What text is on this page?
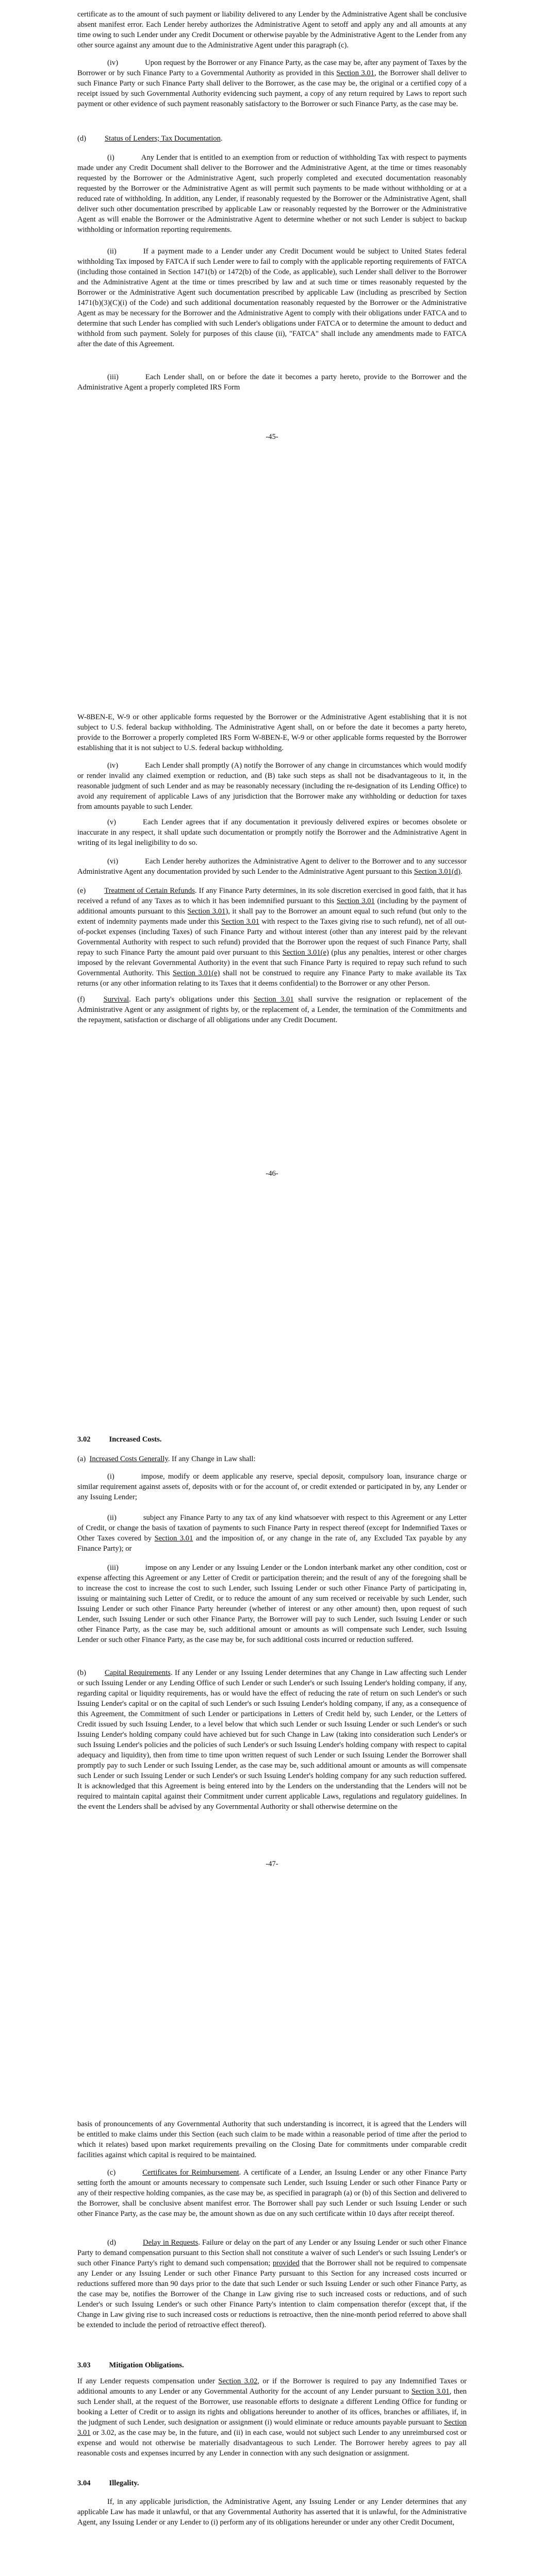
certificate as to the amount of such payment or liability delivered to any Lender by the Administrative Agent shall be conclusive absent manifest error. Each Lender hereby authorizes the Administrative Agent to setoff and apply any and all amounts at any time owing to such Lender under any Credit Document or otherwise payable by the Administrative Agent to the Lender from any other source against any amount due to the Administrative Agent under this paragraph (c).

(iv)	Upon request by the Borrower or any Finance Party, as the case may be, after any payment of Taxes by the Borrower or by such Finance Party to a Governmental Authority as provided in this Section 3.01, the Borrower shall deliver to such Finance Party or such Finance Party shall deliver to the Borrower, as the case may be, the original or a certified copy of a receipt issued by such Governmental Authority evidencing such payment, a copy of any return required by Laws to report such payment or other evidence of such payment reasonably satisfactory to the Borrower or such Finance Party, as the case may be.

(d) Status of Lenders; Tax Documentation.

(i)	Any Lender that is entitled to an exemption from or reduction of withholding Tax with respect to payments made under any Credit Document shall deliver to the Borrower and the Administrative Agent, at the time or times reasonably requested by the Borrower or the Administrative Agent, such properly completed and executed documentation reasonably requested by the Borrower or the Administrative Agent as will permit such payments to be made without withholding or at a reduced rate of withholding. In addition, any Lender, if reasonably requested by the Borrower or the Administrative Agent, shall deliver such other documentation prescribed by applicable Law or reasonably requested by the Borrower or the Administrative Agent as will enable the Borrower or the Administrative Agent to determine whether or not such Lender is subject to backup withholding or information reporting requirements.

(ii)	If a payment made to a Lender under any Credit Document would be subject to United States federal withholding Tax imposed by FATCA if such Lender were to fail to comply with the applicable reporting requirements of FATCA (including those contained in Section 1471(b) or 1472(b) of the Code, as applicable), such Lender shall deliver to the Borrower and the Administrative Agent at the time or times prescribed by law and at such time or times reasonably requested by the Borrower or the Administrative Agent such documentation prescribed by applicable Law (including as prescribed by Section 1471(b)(3)(C)(i) of the Code) and such additional documentation reasonably requested by the Borrower or the Administrative Agent as may be necessary for the Borrower and the Administrative Agent to comply with their obligations under FATCA and to determine that such Lender has complied with such Lender's obligations under FATCA or to determine the amount to deduct and withhold from such payment. Solely for purposes of this clause (ii), "FATCA" shall include any amendments made to FATCA after the date of this Agreement.

(iii)	Each Lender shall, on or before the date it becomes a party hereto, provide to the Borrower and the Administrative Agent a properly completed IRS Form

-45-

W-8BEN-E, W-9 or other applicable forms requested by the Borrower or the Administrative Agent establishing that it is not subject to U.S. federal backup withholding. The Administrative Agent shall, on or before the date it becomes a party hereto, provide to the Borrower a properly completed IRS Form W-8BEN-E, W-9 or other applicable forms requested by the Borrower establishing that it is not subject to U.S. federal backup withholding.

(iv)	Each Lender shall promptly (A) notify the Borrower of any change in circumstances which would modify or render invalid any claimed exemption or reduction, and (B) take such steps as shall not be disadvantageous to it, in the reasonable judgment of such Lender and as may be reasonably necessary (including the re-designation of its Lending Office) to avoid any requirement of applicable Laws of any jurisdiction that the Borrower make any withholding or deduction for taxes from amounts payable to such Lender.

(v)	Each Lender agrees that if any documentation it previously delivered expires or becomes obsolete or inaccurate in any respect, it shall update such documentation or promptly notify the Borrower and the Administrative Agent in writing of its legal ineligibility to do so.

(vi)	Each Lender hereby authorizes the Administrative Agent to deliver to the Borrower and to any successor Administrative Agent any documentation provided by such Lender to the Administrative Agent pursuant to this Section 3.01(d).

(e) Treatment of Certain Refunds. If any Finance Party determines, in its sole discretion exercised in good faith, that it has received a refund of any Taxes as to which it has been indemnified pursuant to this Section 3.01 (including by the payment of additional amounts pursuant to this Section 3.01), it shall pay to the Borrower an amount equal to such refund (but only to the extent of indemnity payments made under this Section 3.01 with respect to the Taxes giving rise to such refund), net of all out-of-pocket expenses (including Taxes) of such Finance Party and without interest (other than any interest paid by the relevant Governmental Authority with respect to such refund) provided that the Borrower upon the request of such Finance Party, shall repay to such Finance Party the amount paid over pursuant to this Section 3.01(e) (plus any penalties, interest or other charges imposed by the relevant Governmental Authority) in the event that such Finance Party is required to repay such refund to such Governmental Authority. This Section 3.01(e) shall not be construed to require any Finance Party to make available its Tax returns (or any other information relating to its Taxes that it deems confidential) to the Borrower or any other Person.

(f) Survival. Each party's obligations under this Section 3.01 shall survive the resignation or replacement of the Administrative Agent or any assignment of rights by, or the replacement of, a Lender, the termination of the Commitments and the repayment, satisfaction or discharge of all obligations under any Credit Document.

-46-

3.02 Increased Costs.

(a) Increased Costs Generally. If any Change in Law shall:

(i)	impose, modify or deem applicable any reserve, special deposit, compulsory loan, insurance charge or similar requirement against assets of, deposits with or for the account of, or credit extended or participated in by, any Lender or any Issuing Lender;

(ii)	subject any Finance Party to any tax of any kind whatsoever with respect to this Agreement or any Letter of Credit, or change the basis of taxation of payments to such Finance Party in respect thereof (except for Indemnified Taxes or Other Taxes covered by Section 3.01 and the imposition of, or any change in the rate of, any Excluded Tax payable by any Finance Party); or

(iii)	impose on any Lender or any Issuing Lender or the London interbank market any other condition, cost or expense affecting this Agreement or any Letter of Credit or participation therein; and the result of any of the foregoing shall be to increase the cost to increase the cost to such Lender, such Issuing Lender or such other Finance Party of participating in, issuing or maintaining such Letter of Credit, or to reduce the amount of any sum received or receivable by such Lender, such Issuing Lender or such other Finance Party hereunder (whether of interest or any other amount) then, upon request of such Lender, such Issuing Lender or such other Finance Party, the Borrower will pay to such Lender, such Issuing Lender or such other Finance Party, as the case may be, such additional amount or amounts as will compensate such Lender, such Issuing Lender or such other Finance Party, as the case may be, for such additional costs incurred or reduction suffered.

(b) Capital Requirements. If any Lender or any Issuing Lender determines that any Change in Law affecting such Lender or such Issuing Lender or any Lending Office of such Lender or such Lender's or such Issuing Lender's holding company, if any, regarding capital or liquidity requirements, has or would have the effect of reducing the rate of return on such Lender's or such Issuing Lender's capital or on the capital of such Lender's or such Issuing Lender's holding company, if any, as a consequence of this Agreement, the Commitment of such Lender or participations in Letters of Credit held by, such Lender, or the Letters of Credit issued by such Issuing Lender, to a level below that which such Lender or such Issuing Lender or such Lender's or such Issuing Lender's holding company could have achieved but for such Change in Law (taking into consideration such Lender's or such Issuing Lender's policies and the policies of such Lender's or such Issuing Lender's holding company with respect to capital adequacy and liquidity), then from time to time upon written request of such Lender or such Issuing Lender the Borrower shall promptly pay to such Lender or such Issuing Lender, as the case may be, such additional amount or amounts as will compensate such Lender or such Issuing Lender or such Lender's or such Issuing Lender's holding company for any such reduction suffered. It is acknowledged that this Agreement is being entered into by the Lenders on the understanding that the Lenders will not be required to maintain capital against their Commitment under current applicable Laws, regulations and regulatory guidelines. In the event the Lenders shall be advised by any Governmental Authority or shall otherwise determine on the

-47-

basis of pronouncements of any Governmental Authority that such understanding is incorrect, it is agreed that the Lenders will be entitled to make claims under this Section (each such claim to be made within a reasonable period of time after the period to which it relates) based upon market requirements prevailing on the Closing Date for commitments under comparable credit facilities against which capital is required to be maintained.

(c)	Certificates for Reimbursement. A certificate of a Lender, an Issuing Lender or any other Finance Party setting forth the amount or amounts necessary to compensate such Lender, such Issuing Lender or such other Finance Party or any of their respective holding companies, as the case may be, as specified in paragraph (a) or (b) of this Section and delivered to the Borrower, shall be conclusive absent manifest error. The Borrower shall pay such Lender or such Issuing Lender or such other Finance Party, as the case may be, the amount shown as due on any such certificate within 10 days after receipt thereof.

(d)	Delay in Requests. Failure or delay on the part of any Lender or any Issuing Lender or such other Finance Party to demand compensation pursuant to this Section shall not constitute a waiver of such Lender's or such Issuing Lender's or such other Finance Party's right to demand such compensation; provided that the Borrower shall not be required to compensate any Lender or any Issuing Lender or such other Finance Party pursuant to this Section for any increased costs incurred or reductions suffered more than 90 days prior to the date that such Lender or such Issuing Lender or such other Finance Party, as the case may be, notifies the Borrower of the Change in Law giving rise to such increased costs or reductions, and of such Lender's or such Issuing Lender's or such other Finance Party's intention to claim compensation therefor (except that, if the Change in Law giving rise to such increased costs or reductions is retroactive, then the nine-month period referred to above shall be extended to include the period of retroactive effect thereof).

3.03 Mitigation Obligations.

If any Lender requests compensation under Section 3.02, or if the Borrower is required to pay any Indemnified Taxes or additional amounts to any Lender or any Governmental Authority for the account of any Lender pursuant to Section 3.01, then such Lender shall, at the request of the Borrower, use reasonable efforts to designate a different Lending Office for funding or booking a Letter of Credit or to assign its rights and obligations hereunder to another of its offices, branches or affiliates, if, in the judgment of such Lender, such designation or assignment (i) would eliminate or reduce amounts payable pursuant to Section 3.01 or 3.02, as the case may be, in the future, and (ii) in each case, would not subject such Lender to any unreimbursed cost or expense and would not otherwise be materially disadvantageous to such Lender. The Borrower hereby agrees to pay all reasonable costs and expenses incurred by any Lender in connection with any such designation or assignment.

3.04 Illegality.

If, in any applicable jurisdiction, the Administrative Agent, any Issuing Lender or any Lender determines that any applicable Law has made it unlawful, or that any Governmental Authority has asserted that it is unlawful, for the Administrative Agent, any Issuing Lender or any Lender to (i) perform any of its obligations hereunder or under any other Credit Document,
